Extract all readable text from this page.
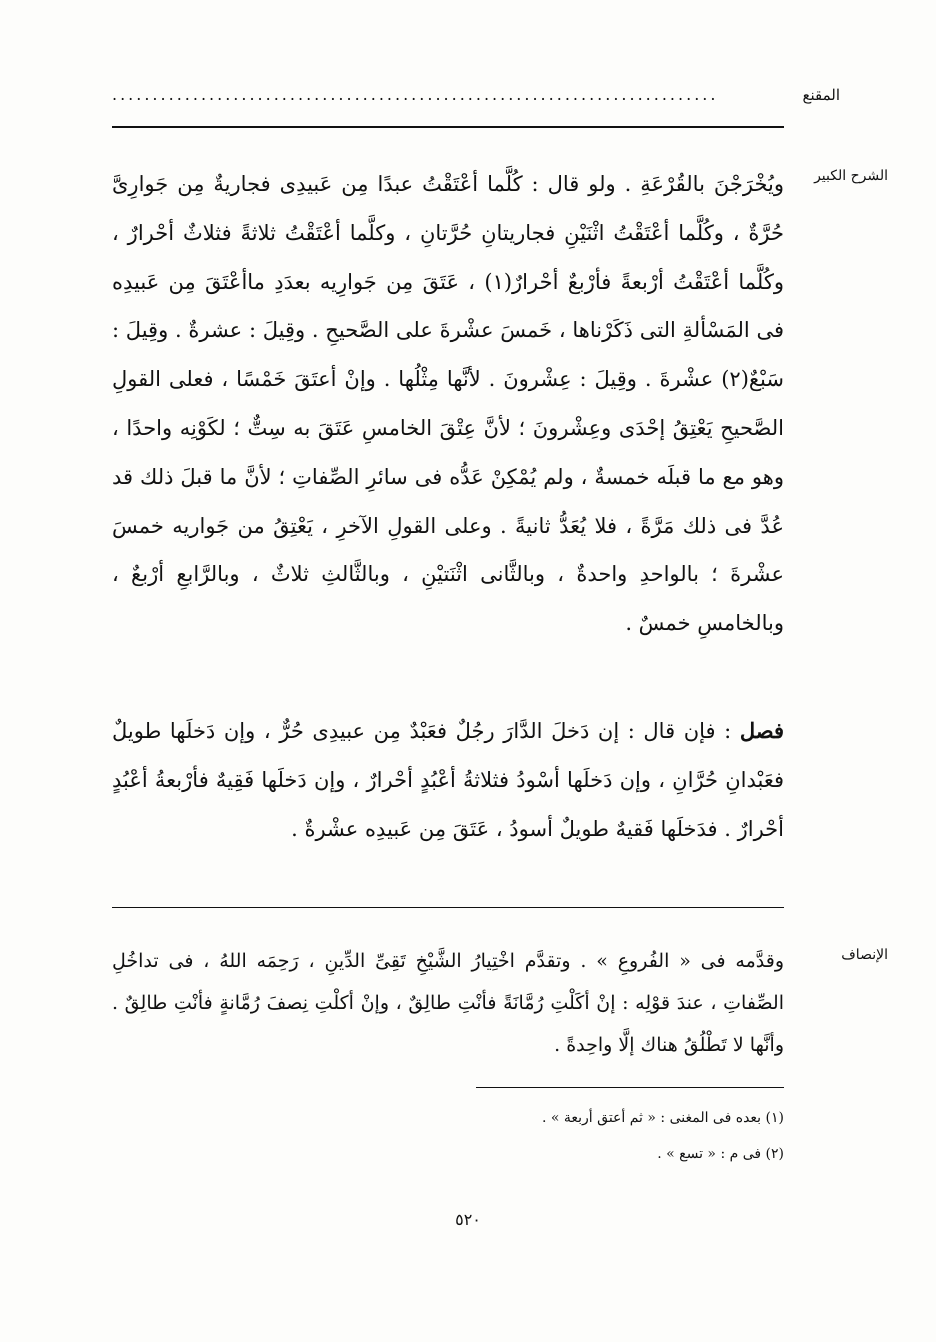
المقنع
...........................................................................
الشرح الكبير
ويُخْرَجْنَ بالقُرْعَةِ . ولو قال : كُلَّما أعْتَقْتُ عبدًا مِن عَبيدِى فجاريةٌ مِن جَوارِىَّ حُرَّةٌ ، وكُلَّما أعْتَقْتُ اثْنَيْنِ فجاريتانِ حُرَّتانِ ، وكلَّما أعْتَقْتُ ثلاثةً فثلاثٌ أحْرارٌ ، وكُلَّما أعْتَقْتُ أرْبعةً فأرْبعٌ أحْرارٌ(١) ، عَتَقَ مِن جَوارِيه بعدَدِ ماأعْتَقَ مِن عَبيدِه فى المَسْألةِ التى ذَكَرْناها ، خَمسَ عشْرةَ على الصَّحيحِ . وقِيلَ : عشرةٌ . وقِيلَ : سَبْعٌ(٢) عشْرةَ . وقِيلَ : عِشْرونَ . لأنَّها مِثْلُها . وإنْ أعتَقَ خَمْسًا ، فعلى القولِ الصَّحيحِ يَعْتِقُ إحْدَى وعِشْرونَ ؛ لأنَّ عِتْقَ الخامسِ عَتَقَ به سِتٌّ ؛ لكَوْنِه واحدًا ، وهو مع ما قبلَه خمسةٌ ، ولم يُمْكِنْ عَدُّه فى سائرِ الصِّفاتِ ؛ لأنَّ ما قبلَ ذلك قد عُدَّ فى ذلك مَرَّةً ، فلا يُعَدُّ ثانيةً . وعلى القولِ الآخرِ ، يَعْتِقُ من جَواريه خمسَ عشْرةَ ؛ بالواحدِ واحدةٌ ، وبالثَّانى اثْنَتيْنِ ، وبالثَّالثِ ثلاثٌ ، وبالرَّابعِ أرْبعٌ ، وبالخامسِ خمسٌ .
فصل : فإن قال : إن دَخلَ الدَّارَ رجُلٌ فعَبْدٌ مِن عبيدِى حُرٌّ ، وإن دَخلَها طويلٌ فعَبْدانِ حُرَّانِ ، وإن دَخلَها أسْودُ فثلاثةُ أعْبُدٍ أحْرارٌ ، وإن دَخلَها فَقِيهٌ فأرْبعةُ أعْبُدٍ أحْرارٌ . فدَخلَها فَقيهٌ طويلٌ أسودُ ، عَتَقَ مِن عَبيدِه عشْرةٌ .
الإنصاف
وقدَّمه فى « الفُروعِ » . وتقدَّم اخْتِيارُ الشَّيْخِ تَقِىِّ الدِّينِ ، رَحِمَه اللهُ ، فى تداخُلِ الصِّفاتِ ، عندَ قوْلِه : إنْ أكَلْتِ رُمَّانَةً فأنْتِ طالِقٌ ، وإنْ أكلْتِ نِصفَ رُمَّانةٍ فأنْتِ طالِقٌ . وأنَّها لا تَطْلُقُ هناك إلَّا واحِدةً .
(١) بعده فى المغنى : « ثم أعتق أربعة » .
(٢) فى م : « تسع » .
٥٢٠
